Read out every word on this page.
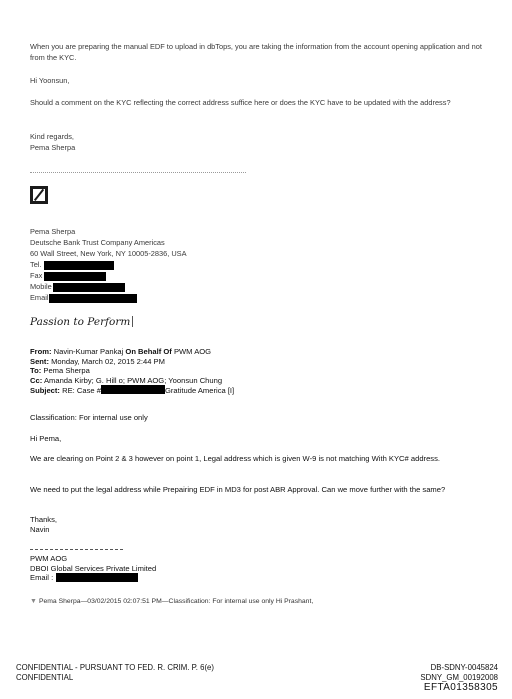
When you are preparing the manual EDF to upload in dbTops, you are taking the information from the account opening application and not from the KYC.
Hi Yoonsun,
Should a comment on the KYC reflecting the correct address suffice here or does the KYC have to be updated with the address?
Kind regards,
Pema Sherpa
Pema Sherpa
Deutsche Bank Trust Company Americas
60 Wall Street, New York, NY 10005-2836, USA
Tel.
Fax
Mobile
Email
Passion to Perform
From: Navin-Kumar Pankaj On Behalf Of PWM AOG
Sent: Monday, March 02, 2015 2:44 PM
To: Pema Sherpa
Cc: Amanda Kirby; G. Hill o; PWM AOG; Yoonsun Chung
Subject: RE: Case #	Gratitude America [I]
Classification: For internal use only
Hi Pema,
We are clearing on Point 2 & 3 however on point 1, Legal address which is given W-9 is not matching With KYC# address.
We need to put the legal address while Prepairing EDF in MD3 for post ABR Approval. Can we move further with the same?
Thanks,
Navin
PWM AOG
DBOI Global Services Private Limited
Email :
▼ Pema Sherpa—03/02/2015 02:07:51 PM—Classification: For internal use only Hi Prashant,
CONFIDENTIAL - PURSUANT TO FED. R. CRIM. P. 6(e)
CONFIDENTIAL
DB-SDNY-0045824
SDNY_GM_00192008
EFTA01358305
